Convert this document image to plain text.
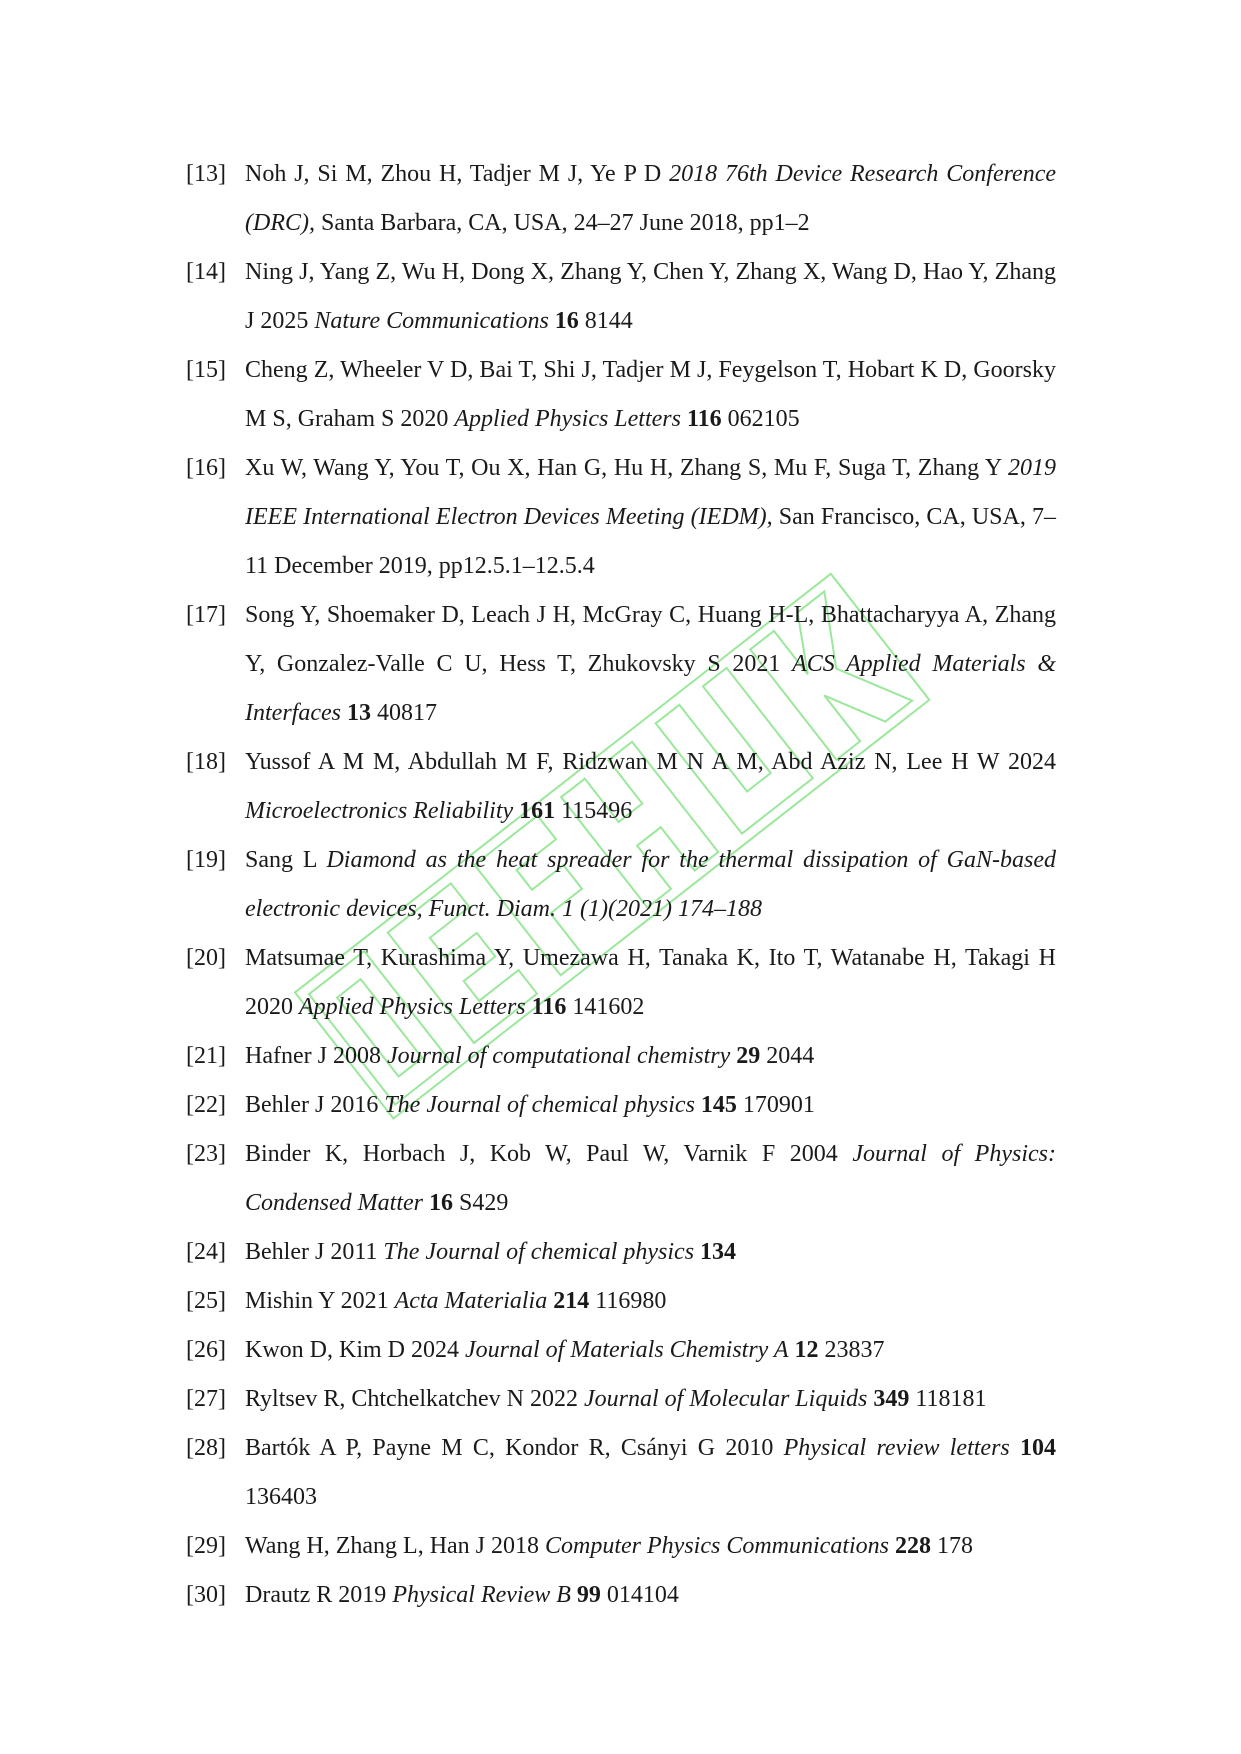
[13] Noh J, Si M, Zhou H, Tadjer M J, Ye P D 2018 76th Device Research Conference (DRC), Santa Barbara, CA, USA, 24–27 June 2018, pp1–2
[14] Ning J, Yang Z, Wu H, Dong X, Zhang Y, Chen Y, Zhang X, Wang D, Hao Y, Zhang J 2025 Nature Communications 16 8144
[15] Cheng Z, Wheeler V D, Bai T, Shi J, Tadjer M J, Feygelson T, Hobart K D, Goorsky M S, Graham S 2020 Applied Physics Letters 116 062105
[16] Xu W, Wang Y, You T, Ou X, Han G, Hu H, Zhang S, Mu F, Suga T, Zhang Y 2019 IEEE International Electron Devices Meeting (IEDM), San Francisco, CA, USA, 7–11 December 2019, pp12.5.1–12.5.4
[17] Song Y, Shoemaker D, Leach J H, McGray C, Huang H-L, Bhattacharyya A, Zhang Y, Gonzalez-Valle C U, Hess T, Zhukovsky S 2021 ACS Applied Materials & Interfaces 13 40817
[18] Yussof A M M, Abdullah M F, Ridzwan M N A M, Abd Aziz N, Lee H W 2024 Microelectronics Reliability 161 115496
[19] Sang L Diamond as the heat spreader for the thermal dissipation of GaN-based electronic devices, Funct. Diam. 1 (1)(2021) 174–188
[20] Matsumae T, Kurashima Y, Umezawa H, Tanaka K, Ito T, Watanabe H, Takagi H 2020 Applied Physics Letters 116 141602
[21] Hafner J 2008 Journal of computational chemistry 29 2044
[22] Behler J 2016 The Journal of chemical physics 145 170901
[23] Binder K, Horbach J, Kob W, Paul W, Varnik F 2004 Journal of Physics: Condensed Matter 16 S429
[24] Behler J 2011 The Journal of chemical physics 134
[25] Mishin Y 2021 Acta Materialia 214 116980
[26] Kwon D, Kim D 2024 Journal of Materials Chemistry A 12 23837
[27] Ryltsev R, Chtchelkatchev N 2022 Journal of Molecular Liquids 349 118181
[28] Bartók A P, Payne M C, Kondor R, Csányi G 2010 Physical review letters 104 136403
[29] Wang H, Zhang L, Han J 2018 Computer Physics Communications 228 178
[30] Drautz R 2019 Physical Review B 99 014104
